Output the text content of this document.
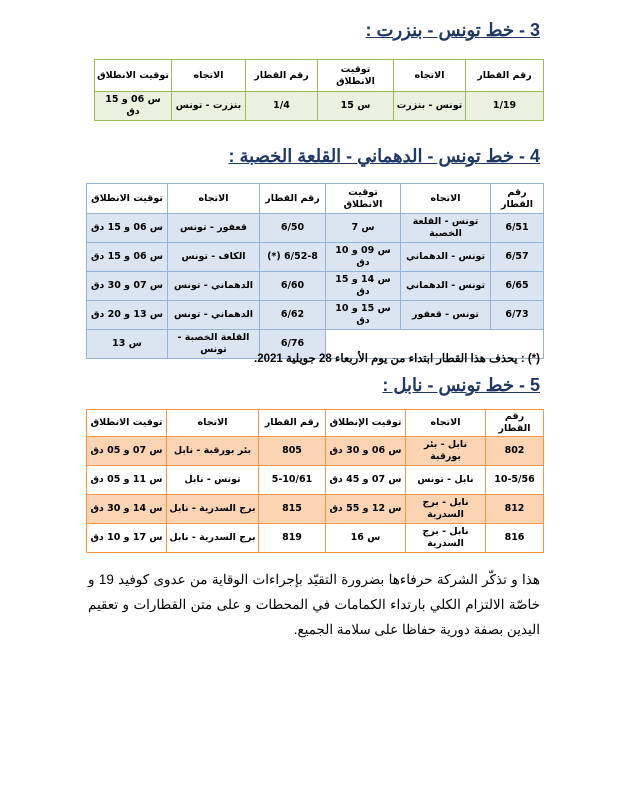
3 - خط تونس - بنزرت :
رقم القطار	الاتجاه	توقيت الانطلاق	رقم القطار	الاتجاه	توقيت الانطلاق
1/19	تونس - بنزرت	س 15	1/4	بنزرت - تونس	س 06 و 15 دق
4 - خط تونس - الدهماني - القلعة الخصبة :
رقم القطار	الاتجاه	توقيت الانطلاق	رقم القطار	الاتجاه	توقيت الانطلاق
6/51	تونس - القلعة الخصبة	س 7	6/50	قعفور - تونس	س 06 و 15 دق
6/57	تونس - الدهماني	س 09 و 10 دق	6/52-8 (*)	الكاف - تونس	س 06 و 15 دق
6/65	تونس - الدهماني	س 14 و 15 دق	6/60	الدهماني - تونس	س 07 و 30 دق
6/73	تونس - قعفور	س 15 و 10 دق	6/62	الدهماني - تونس	س 13 و 20 دق
			6/76	القلعة الخصبة - تونس	س 13
(*) : يحذف هذا القطار ابتداء من يوم الأربعاء 28 جويلية 2021.
5 - خط تونس - نابل :
رقم القطار	الاتجاه	توقيت الإنطلاق	رقم القطار	الاتجاه	توقيت الانطلاق
802	نابل - بئر بورقبة	س 06 و 30 دق	805	بئر بورقبة - نابل	س 07 و 05 دق
10-5/56	نابل - تونس	س 07 و 45 دق	5-10/61	تونس - نابل	س 11 و 05 دق
812	نابل - برج السدرية	س 12 و 55 دق	815	برج السدرية - نابل	س 14 و 30 دق
816	نابل - برج السدرية	س 16	819	برج السدرية - نابل	س 17 و 10 دق
هذا و تذكّر الشركة حرفاءها بضرورة التقيّد بإجراءات الوقاية من عدوى كوفيد 19 و خاصّة الالتزام الكلي بارتداء الكمامات في المحطات و على متن القطارات و تعقيم اليدين بصفة دورية حفاظا على سلامة الجميع.
